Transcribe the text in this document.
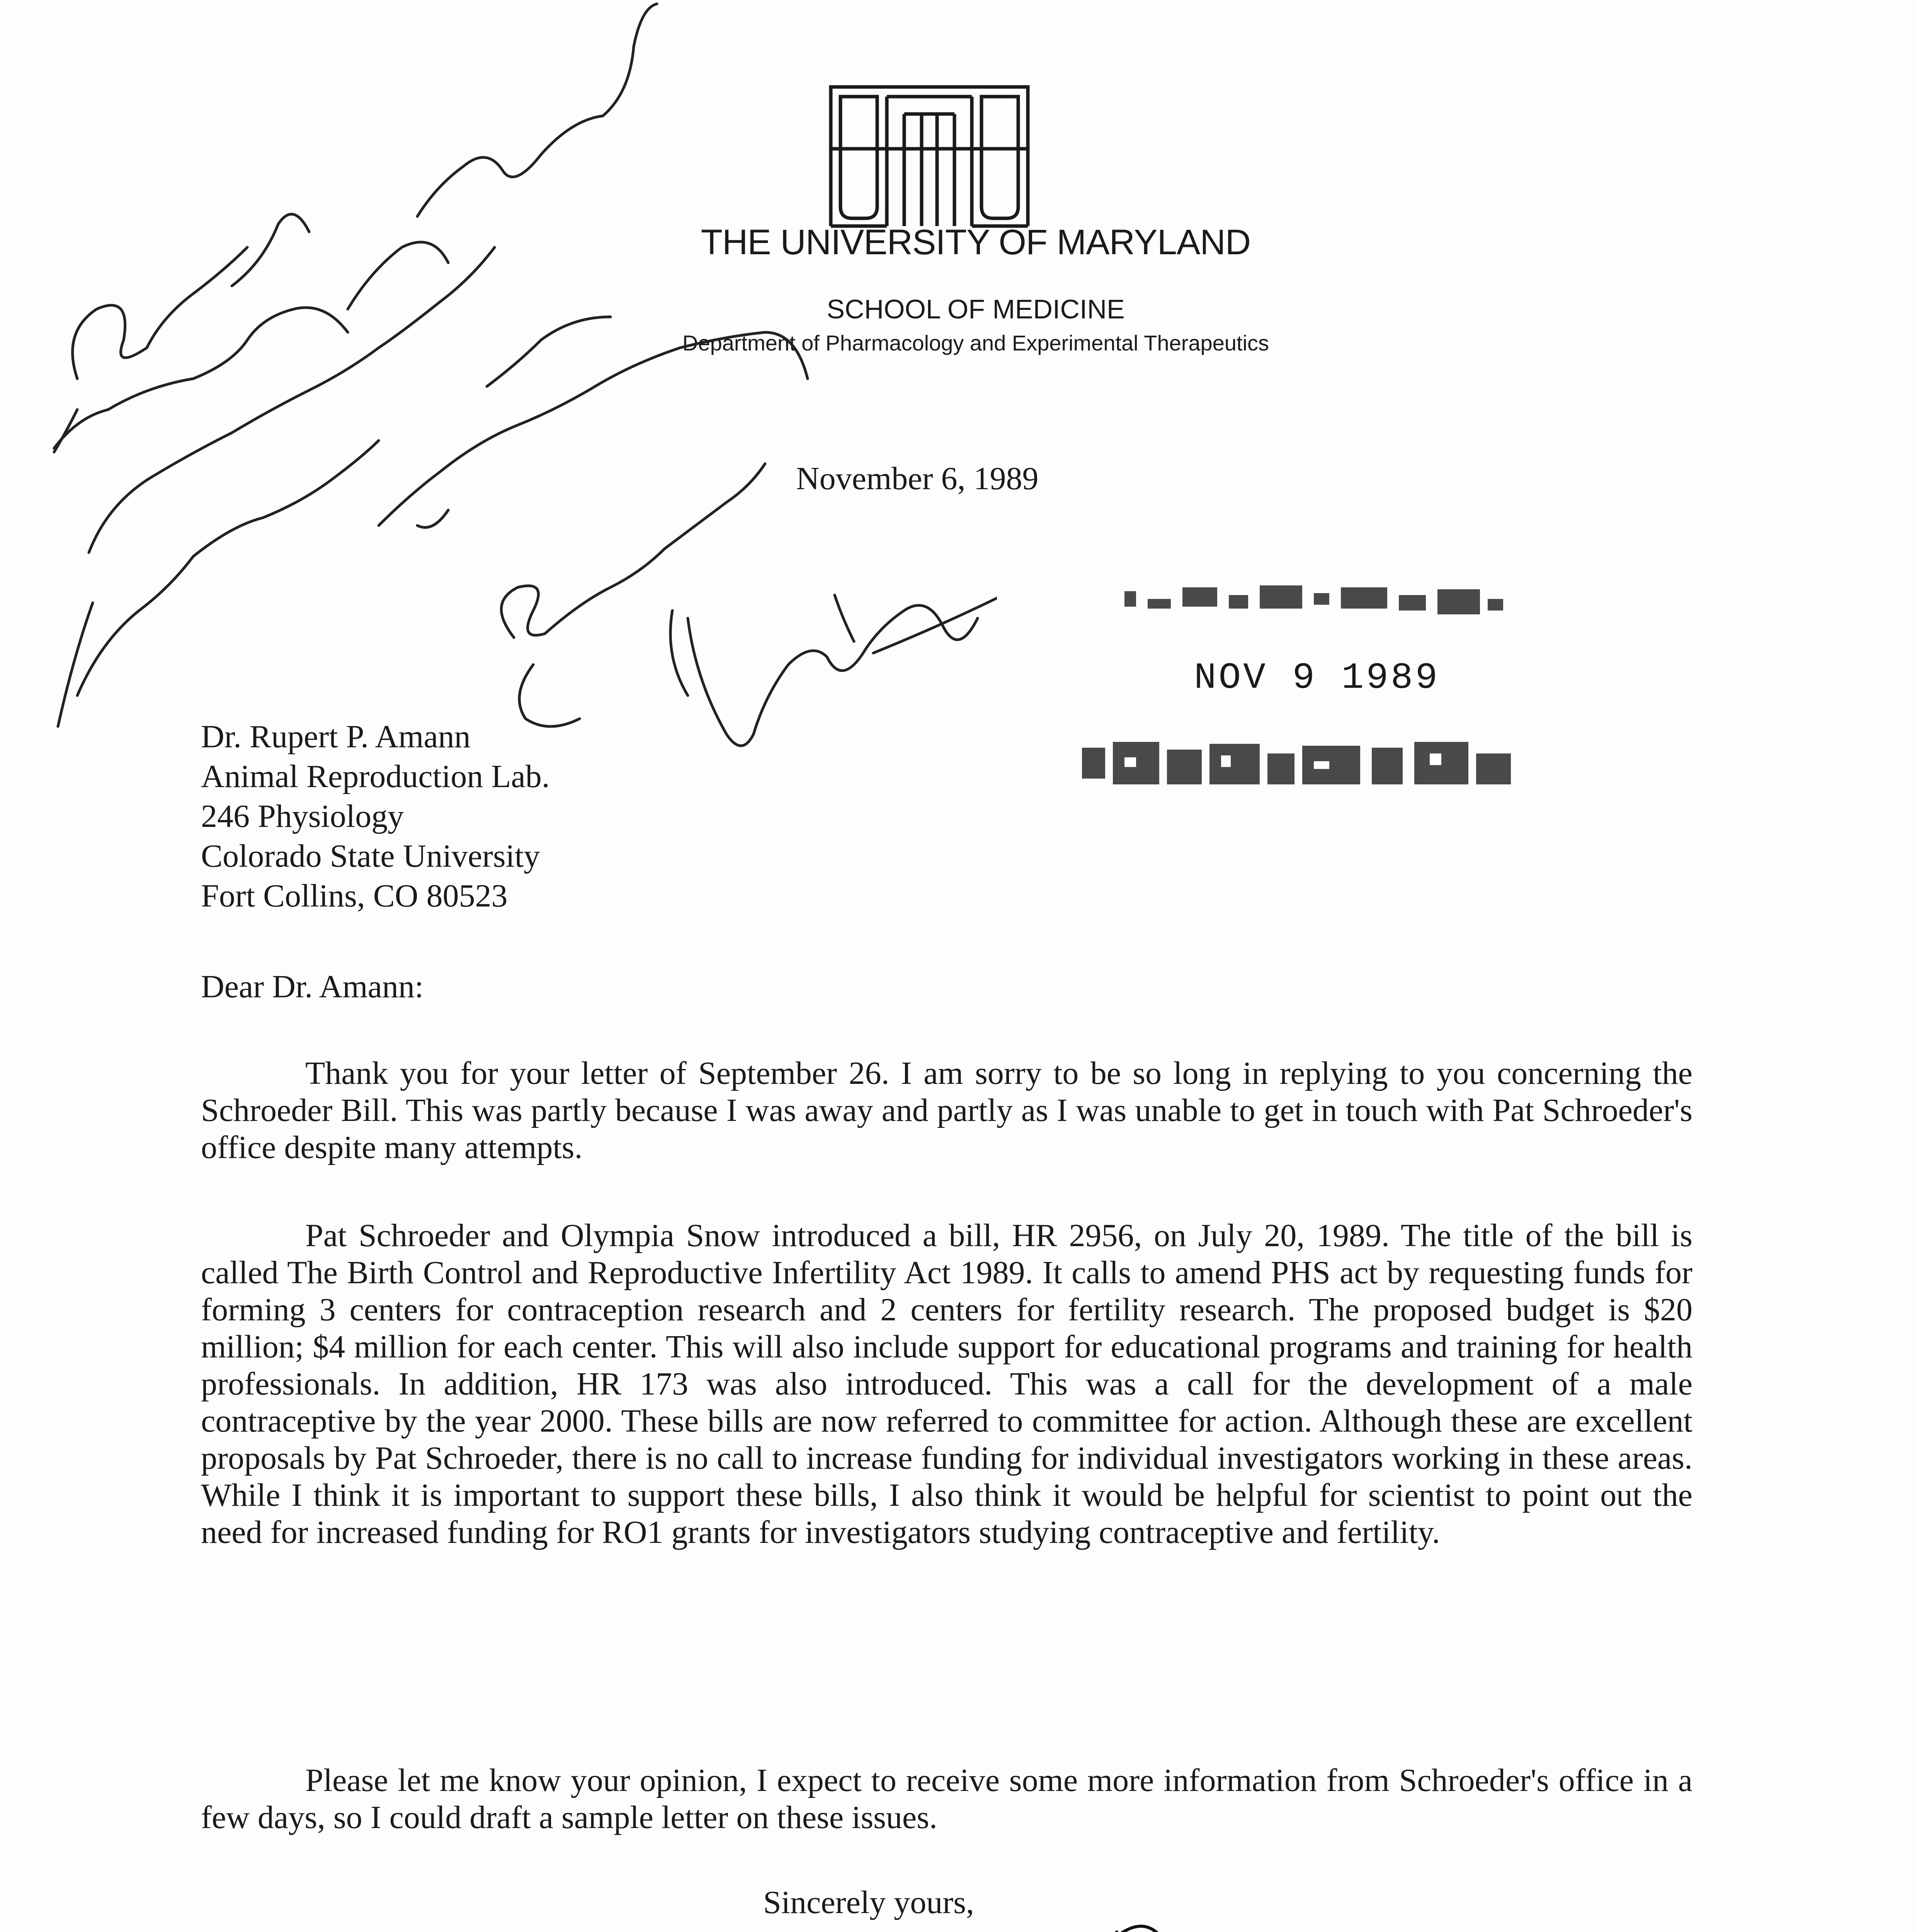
THE UNIVERSITY OF MARYLAND
SCHOOL OF MEDICINE
Department of Pharmacology and Experimental Therapeutics
November 6, 1989
NOV 9 1989
Dr. Rupert P. Amann
Animal Reproduction Lab.
246 Physiology
Colorado State University
Fort Collins, CO 80523
Dear Dr. Amann:

Thank you for your letter of September 26. I am sorry to be so long in replying to you concerning the Schroeder Bill. This was partly because I was away and partly as I was unable to get in touch with Pat Schroeder's office despite many attempts.

Pat Schroeder and Olympia Snow introduced a bill, HR 2956, on July 20, 1989. The title of the bill is called The Birth Control and Reproductive Infertility Act 1989. It calls to amend PHS act by requesting funds for forming 3 centers for contraception research and 2 centers for fertility research. The proposed budget is $20 million; $4 million for each center. This will also include support for educational programs and training for health professionals. In addition, HR 173 was also introduced. This was a call for the development of a male contraceptive by the year 2000. These bills are now referred to committee for action. Although these are excellent proposals by Pat Schroeder, there is no call to increase funding for individual investigators working in these areas. While I think it is important to support these bills, I also think it would be helpful for scientist to point out the need for increased funding for RO1 grants for investigators studying contraceptive and fertility.

Please let me know your opinion, I expect to receive some more information from Schroeder's office in a few days, so I could draft a sample letter on these issues.

Sincerely yours,
